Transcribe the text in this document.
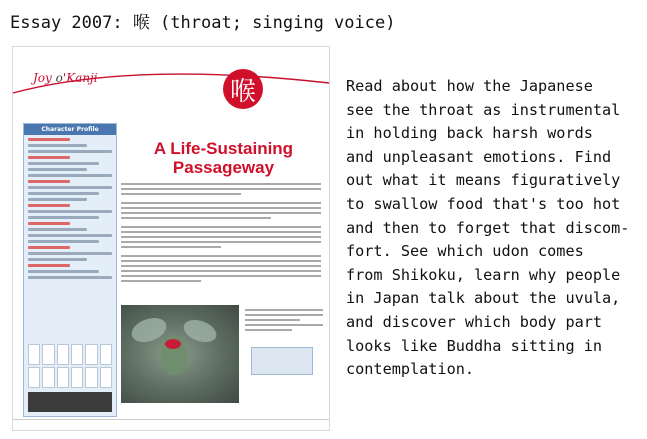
Essay 2007: 喉 (throat; singing voice)
Joy o'Kanji	喉
Character Profile
A Life-Sustaining
Passageway
Read about how the Japanese
see the throat as instrumental
in holding back harsh words
and unpleasant emotions. Find
out what it means figuratively
to swallow food that's too hot
and then to forget that discom-
fort. See which udon comes
from Shikoku, learn why people
in Japan talk about the uvula,
and discover which body part
looks like Buddha sitting in
contemplation.
